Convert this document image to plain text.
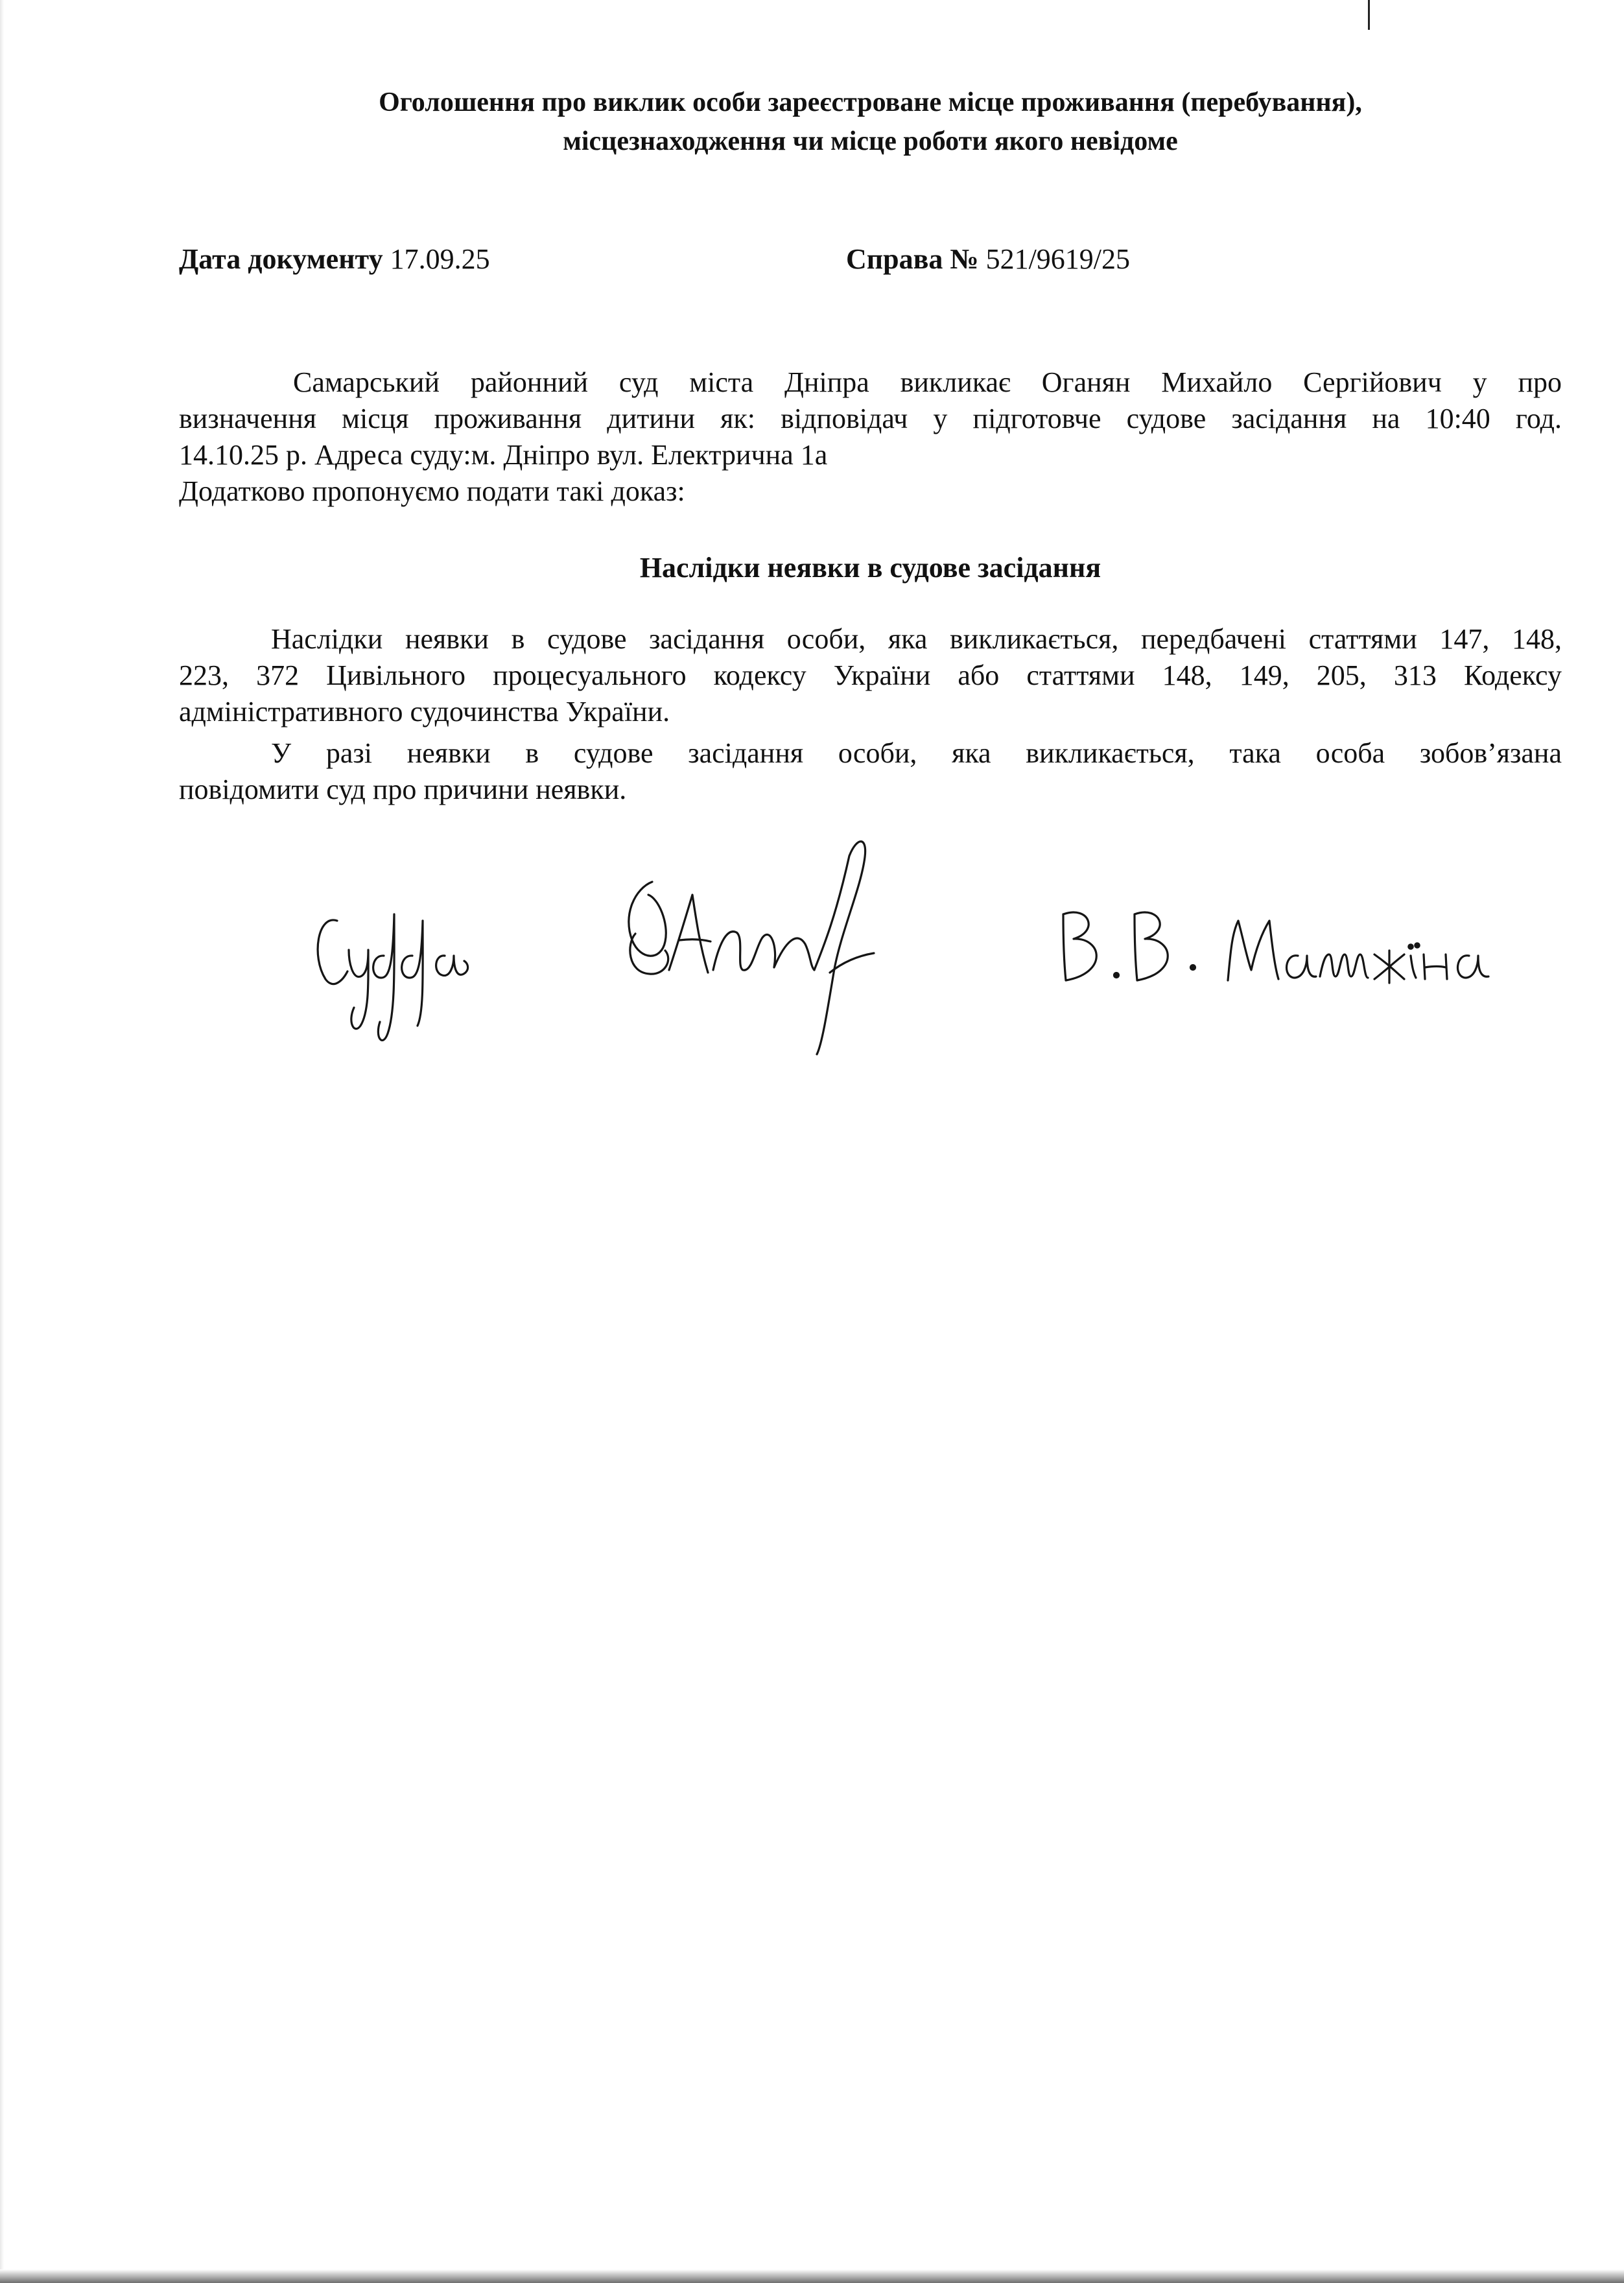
Оголошення про виклик особи зареєстроване місце проживання (перебування),
місцезнаходження чи місце роботи якого невідоме
Дата документу 17.09.25	Справа № 521/9619/25
Самарський районний суд міста Дніпра викликає Оганян Михайло Сергійович у про
визначення місця проживання дитини як: відповідач у підготовче судове засідання на 10:40 год.
14.10.25 р. Адреса суду:м. Дніпро вул. Електрична 1а
Додатково пропонуємо подати такі доказ:
Наслідки неявки в судове засідання
Наслідки неявки в судове засідання особи, яка викликається, передбачені статтями 147, 148,
223, 372 Цивільного процесуального кодексу України або статтями 148, 149, 205, 313 Кодексу
адміністративного судочинства України.
У разі неявки в судове засідання особи, яка викликається, така особа зобов’язана
повідомити суд про причини неявки.
